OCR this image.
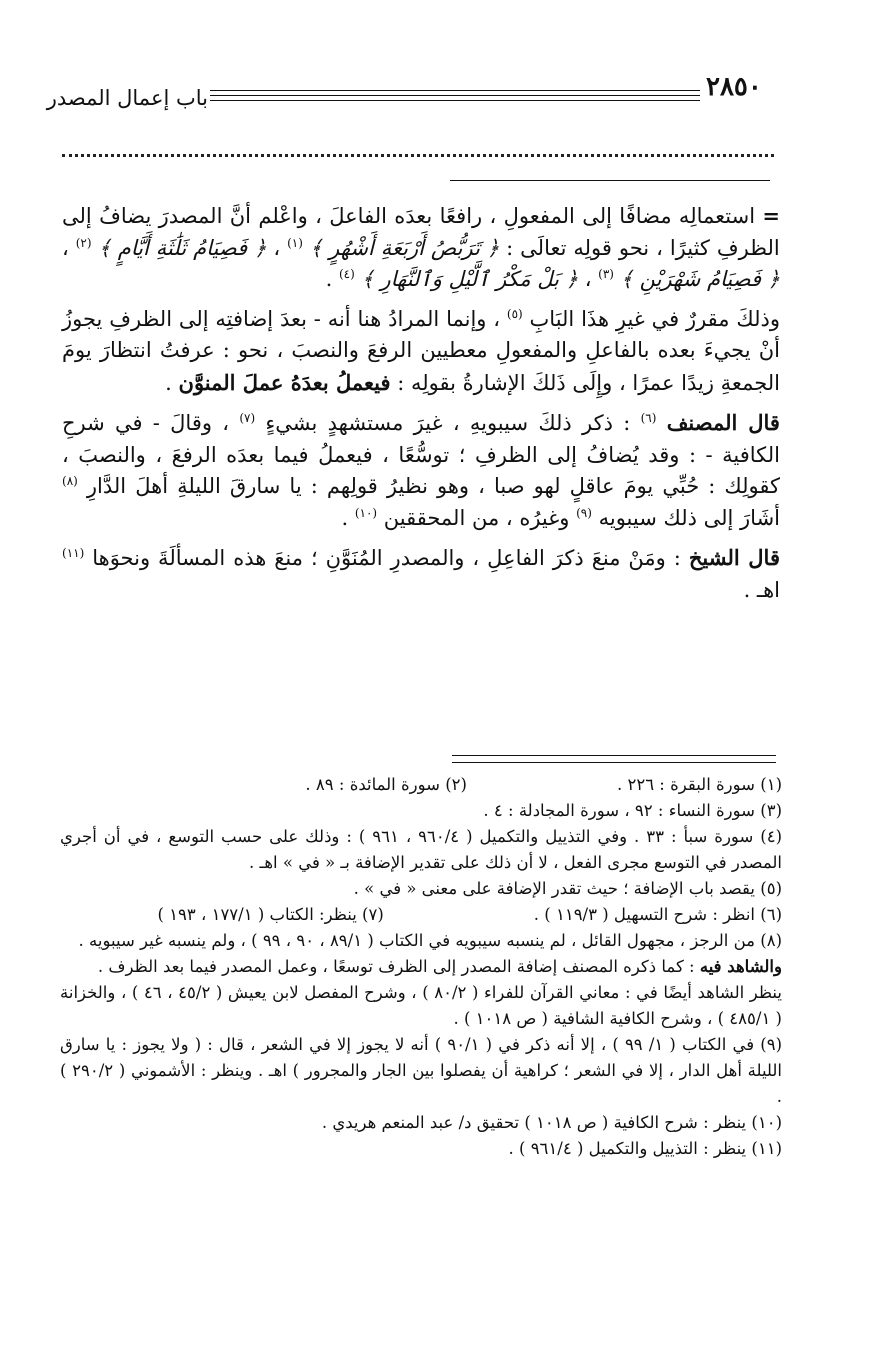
٢٨٥٠
باب إعمال المصدر

= استعمالِه مضافًا إلى المفعولِ ، رافعًا بعدَه الفاعلَ ، واعْلم أنَّ المصدرَ يضافُ إلى الظرفِ كثيرًا ، نحو قولِه تعالَى : ﴿ تَرَبُّصُ أَرْبَعَةِ أَشْهُرٍ ﴾ $^{(١)}$ ، ﴿ فَصِيَامُ ثَلَٰثَةِ أَيَّامٍ ﴾ $^{(٢)}$ ، ﴿ فَصِيَامُ شَهْرَيْنِ ﴾ $^{(٣)}$ ، ﴿ بَلْ مَكْرُ ٱلَّيْلِ وَٱلنَّهَارِ ﴾ $^{(٤)}$ .

وذلكَ مقررٌ في غيرِ هذَا البَابِ $^{(٥)}$ ، وإنما المرادُ هنا أنه - بعدَ إضافتِه إلى الظرفِ يجوزُ أنْ يجيءَ بعده بالفاعلِ والمفعولِ معطيين الرفعَ والنصبَ ، نحو : عرفتُ انتظارَ يومَ الجمعةِ زيدًا عمرًا ، وإِلَى ذَلكَ الإشارةُ بقولِه : فيعملُ بعدَهُ عملَ المنوَّن .

قال المصنف $^{(٦)}$ : ذكر ذلكَ سيبويهِ ، غيرَ مستشهدٍ بشيءٍ $^{(٧)}$ ، وقالَ - في شرحِ الكافية - : وقد يُضافُ إلى الظرفِ ؛ توسُّعًا ، فيعملُ فيما بعدَه الرفعَ ، والنصبَ ، كقولِك : حُبِّي يومَ عاقلٍ لهو صبا ، وهو نظيرُ قولِهم : يا سارقَ الليلةِ أهلَ الدَّارِ $^{(٨)}$ أشَارَ إلى ذلك سيبويه $^{(٩)}$ وغيرُه ، من المحققين $^{(١٠)}$ .

قال الشيخ : ومَنْ منعَ ذكرَ الفاعِلِ ، والمصدرِ المُنَوَّنِ ؛ منعَ هذه المسألَةَ ونحوَها $^{(١١)}$ اهـ .

(١) سورة البقرة : ٢٢٦ .
(٢) سورة المائدة : ٨٩ .

(٣) سورة النساء : ٩٢ ، سورة المجادلة : ٤ .

(٤) سورة سبأ : ٣٣ . وفي التذييل والتكميل ( ٩٦٠/٤ ، ٩٦١ ) : وذلك على حسب التوسع ، في أن أجري المصدر في التوسع مجرى الفعل ، لا أن ذلك على تقدير الإضافة بـ « في » اهـ .

(٥) يقصد باب الإضافة ؛ حيث تقدر الإضافة على معنى « في » .

(٦) انظر : شرح التسهيل ( ١١٩/٣ ) .
(٧) ينظر: الكتاب ( ١٧٧/١ ، ١٩٣ )

(٨) من الرجز ، مجهول القائل ، لم ينسبه سيبويه في الكتاب ( ٨٩/١ ، ٩٠ ، ٩٩ ) ، ولم ينسبه غير سيبويه .

والشاهد فيه : كما ذكره المصنف إضافة المصدر إلى الظرف توسعًا ، وعمل المصدر فيما بعد الظرف .

ينظر الشاهد أيضًا في : معاني القرآن للفراء ( ٨٠/٢ ) ، وشرح المفصل لابن يعيش ( ٤٥/٢ ، ٤٦ ) ، والخزانة ( ٤٨٥/١ ) ، وشرح الكافية الشافية ( ص ١٠١٨ ) .

(٩) في الكتاب ( ١/ ٩٩ ) ، إلا أنه ذكر في ( ٩٠/١ ) أنه لا يجوز إلا في الشعر ، قال : ( ولا يجوز : يا سارق الليلة أهل الدار ، إلا في الشعر ؛ كراهية أن يفصلوا بين الجار والمجرور ) اهـ . وينظر : الأشموني ( ٢٩٠/٢ ) .

(١٠) ينظر : شرح الكافية ( ص ١٠١٨ ) تحقيق د/ عبد المنعم هريدي .

(١١) ينظر : التذييل والتكميل ( ٩٦١/٤ ) .
